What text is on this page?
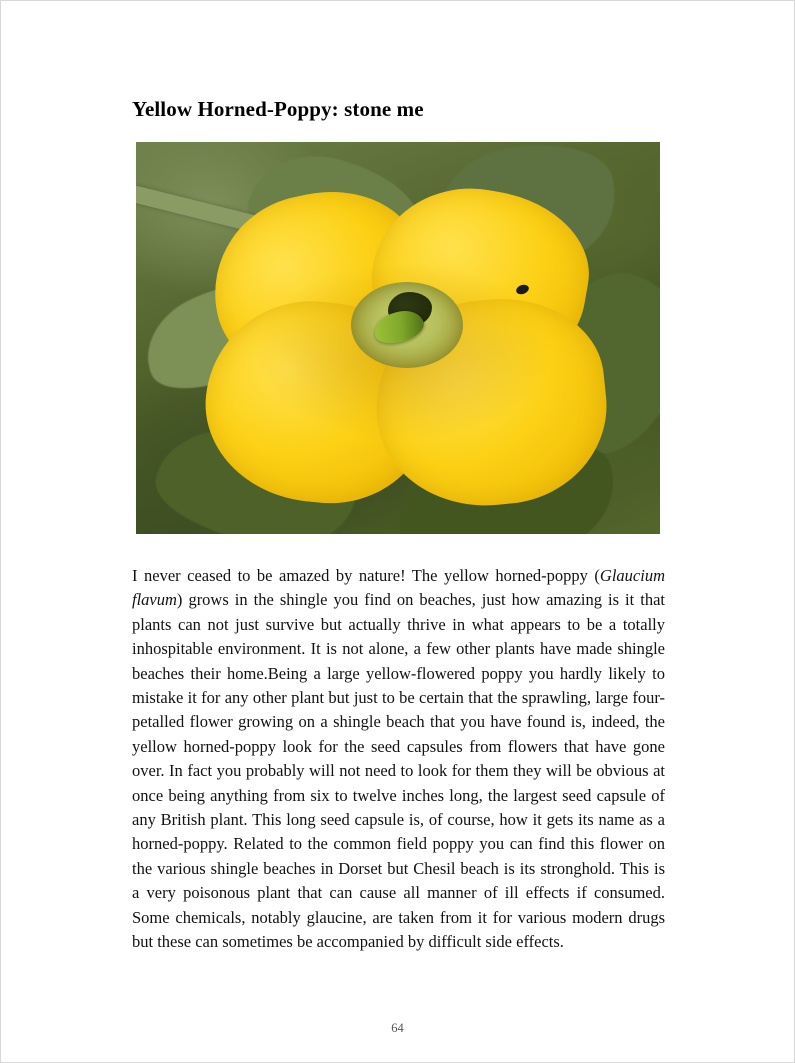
Yellow Horned-Poppy: stone me

I never ceased to be amazed by nature! The yellow horned-poppy (Glaucium flavum) grows in the shingle you find on beaches, just how amazing is it that plants can not just survive but actually thrive in what appears to be a totally inhospitable environment. It is not alone, a few other plants have made shingle beaches their home.Being a large yellow-flowered poppy you hardly likely to mistake it for any other plant but just to be certain that the sprawling, large four-petalled flower growing on a shingle beach that you have found is, indeed, the yellow horned-poppy look for the seed capsules from flowers that have gone over. In fact you probably will not need to look for them they will be obvious at once being anything from six to twelve inches long, the largest seed capsule of any British plant. This long seed capsule is, of course, how it gets its name as a horned-poppy. Related to the common field poppy you can find this flower on the various shingle beaches in Dorset but Chesil beach is its stronghold. This is a very poisonous plant that can cause all manner of ill effects if consumed. Some chemicals, notably glaucine, are taken from it for various modern drugs but these can sometimes be accompanied by difficult side effects.

64
